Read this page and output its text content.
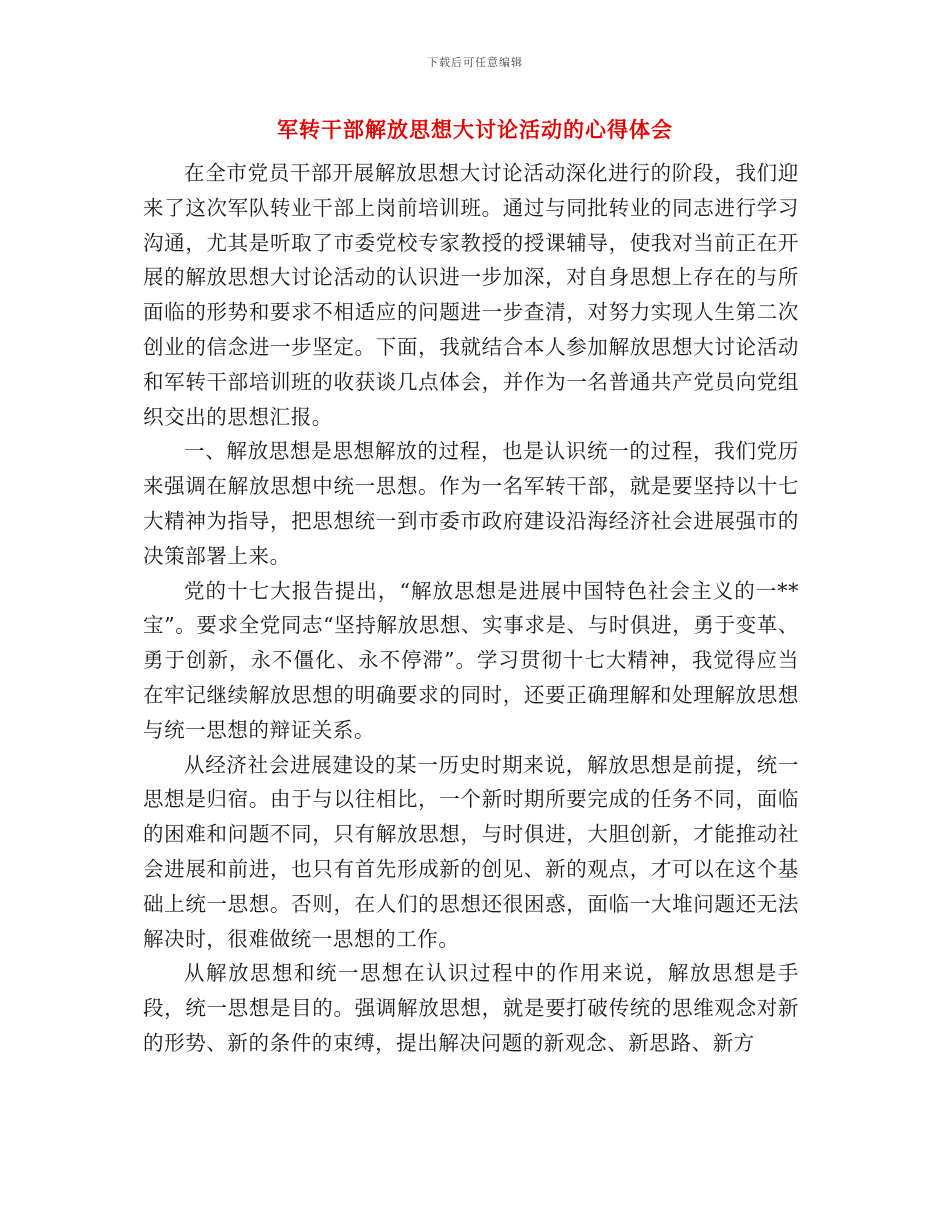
下载后可任意编辑
军转干部解放思想大讨论活动的心得体会

在全市党员干部开展解放思想大讨论活动深化进行的阶段，我们迎来了这次军队转业干部上岗前培训班。通过与同批转业的同志进行学习沟通，尤其是听取了市委党校专家教授的授课辅导，使我对当前正在开展的解放思想大讨论活动的认识进一步加深，对自身思想上存在的与所面临的形势和要求不相适应的问题进一步查清，对努力实现人生第二次创业的信念进一步坚定。下面，我就结合本人参加解放思想大讨论活动和军转干部培训班的收获谈几点体会，并作为一名普通共产党员向党组织交出的思想汇报。

一、解放思想是思想解放的过程，也是认识统一的过程，我们党历来强调在解放思想中统一思想。作为一名军转干部，就是要坚持以十七大精神为指导，把思想统一到市委市政府建设沿海经济社会进展强市的决策部署上来。

党的十七大报告提出，“解放思想是进展中国特色社会主义的一**宝”。要求全党同志“坚持解放思想、实事求是、与时俱进，勇于变革、勇于创新，永不僵化、永不停滞”。学习贯彻十七大精神，我觉得应当在牢记继续解放思想的明确要求的同时，还要正确理解和处理解放思想与统一思想的辩证关系。

从经济社会进展建设的某一历史时期来说，解放思想是前提，统一思想是归宿。由于与以往相比，一个新时期所要完成的任务不同，面临的困难和问题不同，只有解放思想，与时俱进，大胆创新，才能推动社会进展和前进，也只有首先形成新的创见、新的观点，才可以在这个基础上统一思想。否则，在人们的思想还很困惑，面临一大堆问题还无法解决时，很难做统一思想的工作。

从解放思想和统一思想在认识过程中的作用来说，解放思想是手段，统一思想是目的。强调解放思想，就是要打破传统的思维观念对新的形势、新的条件的束缚，提出解决问题的新观念、新思路、新方
